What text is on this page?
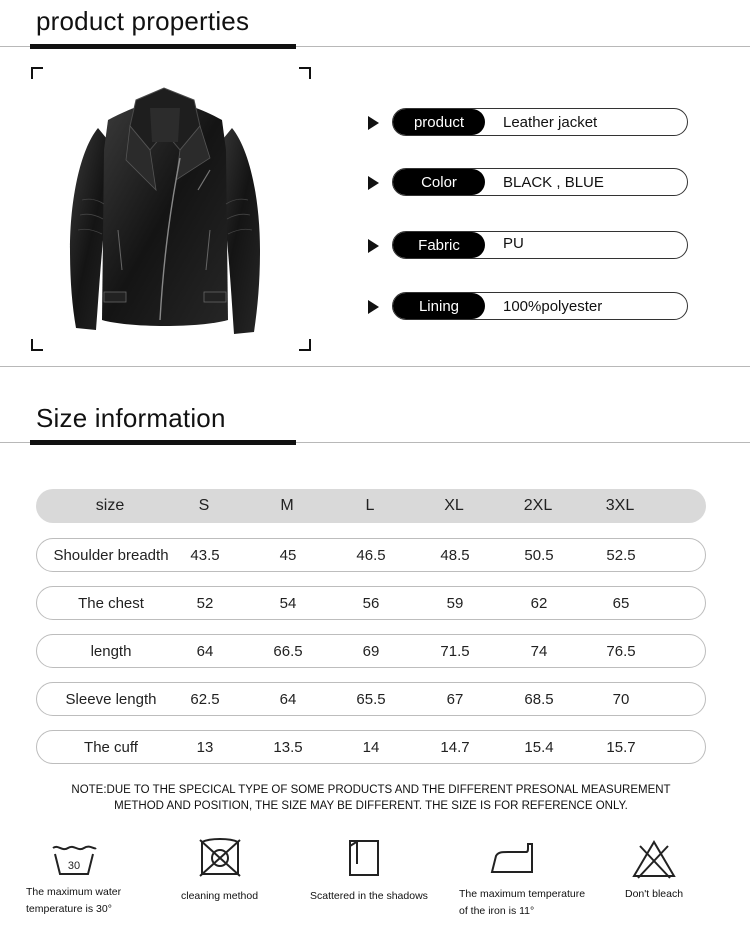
product properties
product	Leather jacket
Color	BLACK , BLUE
Fabric	PU
Lining	100%polyester
Size information
size	S	M	L	XL	2XL	3XL
Shoulder breadth	43.5	45	46.5	48.5	50.5	52.5
The chest	52	54	56	59	62	65
length	64	66.5	69	71.5	74	76.5
Sleeve length	62.5	64	65.5	67	68.5	70
The cuff	13	13.5	14	14.7	15.4	15.7
NOTE:DUE TO THE SPECICAL TYPE OF SOME PRODUCTS AND THE DIFFERENT PRESONAL MEASUREMENT
METHOD AND POSITION, THE SIZE MAY BE DIFFERENT. THE SIZE IS FOR REFERENCE ONLY.
30
The maximum water
temperature is 30°
cleaning method	Scattered in the shadows	The maximum temperature
of the iron is 11°
Don't bleach
